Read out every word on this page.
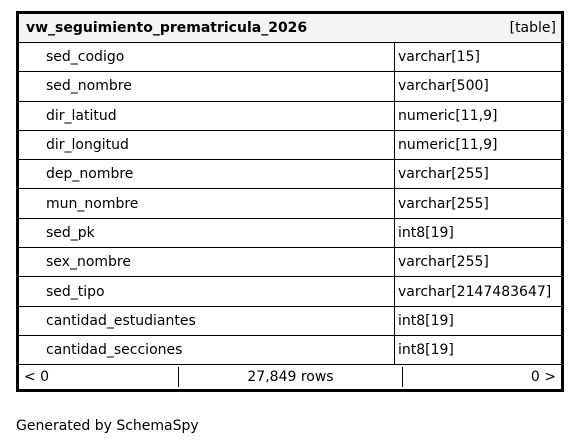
vw_seguimiento_prematricula_2026	[table]
sed_codigo	varchar[15]
sed_nombre	varchar[500]
dir_latitud	numeric[11,9]
dir_longitud	numeric[11,9]
dep_nombre	varchar[255]
mun_nombre	varchar[255]
sed_pk	int8[19]
sex_nombre	varchar[255]
sed_tipo	varchar[2147483647]
cantidad_estudiantes	int8[19]
cantidad_secciones	int8[19]
< 0	27,849 rows	0 >
Generated by SchemaSpy
